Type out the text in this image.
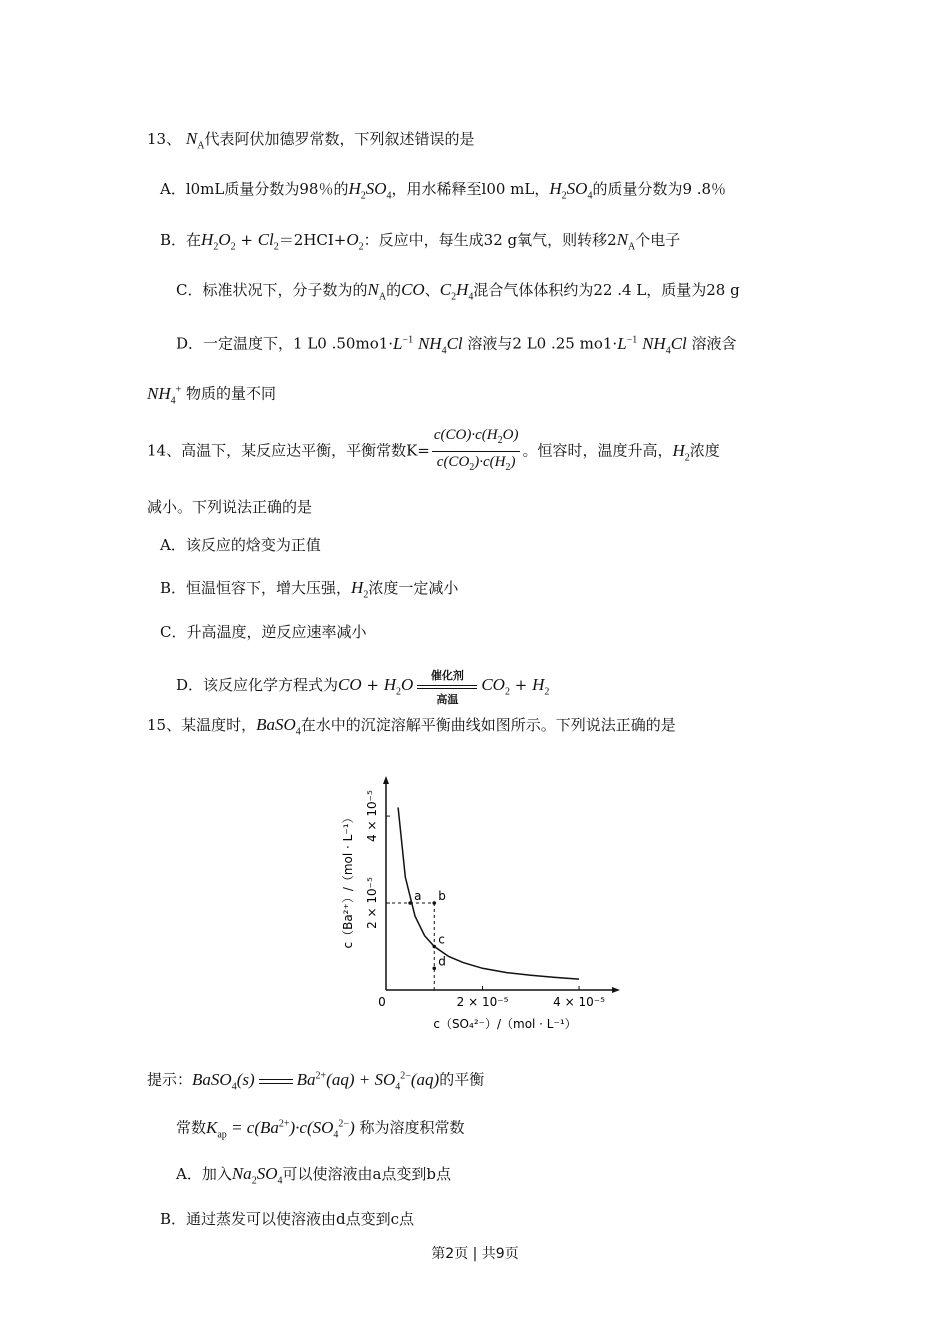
13、 $N_A$代表阿伏加德罗常数，下列叙述错误的是
A．l0mL质量分数为98％的$H_2SO_4$，用水稀释至l00 mL，$H_2SO_4$的质量分数为9 .8％
B．在$H_2O_2 + Cl_2=2HCI+O_2$：反应中，每生成32 g氧气，则转移$2N_A$个电子
C．标准状况下，分子数为的$N_A$的CO、$C_2H_4$混合气体体积约为22 .4 L，质量为28 g
D．一定温度下，1 L0 $.50mo1\cdot L^{-1}$ $NH_4Cl$ 溶液与2 L0 .25 $mo1\cdot L^{-1}$ $NH_4Cl$ 溶液含
$NH_4^+$ 物质的量不同
14、高温下，某反应达平衡，平衡常数$K= \frac{c(CO)\cdot c(H_2O)}{c(CO_2)\cdot c(H_2)}$ 。恒容时，温度升高，$H_2$浓度
减小。下列说法正确的是
A．该反应的焓变为正值
B．恒温恒容下，增大压强，$H_2$浓度一定减小
C．升高温度，逆反应速率减小
D．该反应化学方程式为CO + $H_2O$	催化剂
高温
$CO_2 + H_2$
15、某温度时，BaSO$_4$在水中的沉淀溶解平衡曲线如图所示。下列说法正确的是
0	2 × 10⁻⁵	4 × 10⁻⁵
2 × 10⁻⁵
4 × 10⁻⁵
a b
c
d
c（Ba²⁺）/（mol · L⁻¹）
c（SO₄²⁻）/（mol · L⁻¹）
提示：BaSO$_4$(s) $Ba^{2+}(aq) + SO_4^{2-}(aq)$的平衡
常数$K_{ap} = c(Ba^{2+})\cdot c(SO_4^{2-})$ 称为溶度积常数
A．加入$Na_2SO_4$可以使溶液由a点变到b点
B．通过蒸发可以使溶液由d点变到c点
第2页 | 共9页
